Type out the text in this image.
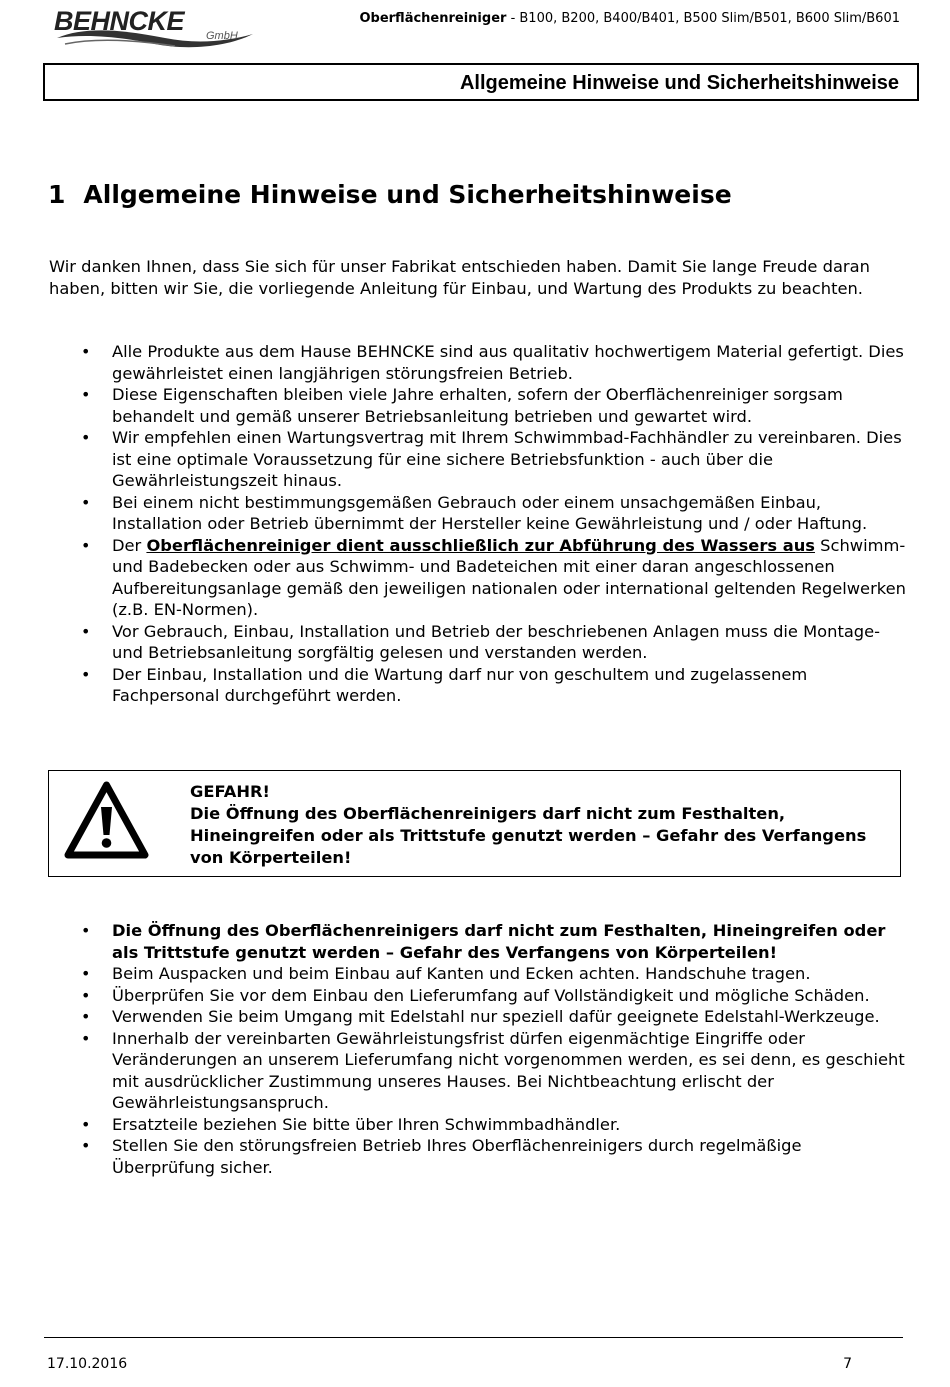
BEHNCKE GmbH
Oberflächenreiniger - B100, B200, B400/B401, B500 Slim/B501, B600 Slim/B601
Allgemeine Hinweise und Sicherheitshinweise
1 Allgemeine Hinweise und Sicherheitshinweise
Wir danken Ihnen, dass Sie sich für unser Fabrikat entschieden haben. Damit Sie lange Freude daran haben, bitten wir Sie, die vorliegende Anleitung für Einbau, und Wartung des Produkts zu beachten.
• Alle Produkte aus dem Hause BEHNCKE sind aus qualitativ hochwertigem Material gefertigt. Dies gewährleistet einen langjährigen störungsfreien Betrieb.
• Diese Eigenschaften bleiben viele Jahre erhalten, sofern der Oberflächenreiniger sorgsam behandelt und gemäß unserer Betriebsanleitung betrieben und gewartet wird.
• Wir empfehlen einen Wartungsvertrag mit Ihrem Schwimmbad-Fachhändler zu vereinbaren. Dies ist eine optimale Voraussetzung für eine sichere Betriebsfunktion - auch über die Gewährleistungszeit hinaus.
• Bei einem nicht bestimmungsgemäßen Gebrauch oder einem unsachgemäßen Einbau, Installation oder Betrieb übernimmt der Hersteller keine Gewährleistung und / oder Haftung.
• Der Oberflächenreiniger dient ausschließlich zur Abführung des Wassers aus Schwimm- und Badebecken oder aus Schwimm- und Badeteichen mit einer daran angeschlossenen Aufbereitungsanlage gemäß den jeweiligen nationalen oder international geltenden Regelwerken (z.B. EN-Normen).
• Vor Gebrauch, Einbau, Installation und Betrieb der beschriebenen Anlagen muss die Montage- und Betriebsanleitung sorgfältig gelesen und verstanden werden.
• Der Einbau, Installation und die Wartung darf nur von geschultem und zugelassenem Fachpersonal durchgeführt werden.
GEFAHR!
Die Öffnung des Oberflächenreinigers darf nicht zum Festhalten, Hineingreifen oder als Trittstufe genutzt werden – Gefahr des Verfangens von Körperteilen!
• Die Öffnung des Oberflächenreinigers darf nicht zum Festhalten, Hineingreifen oder als Trittstufe genutzt werden – Gefahr des Verfangens von Körperteilen!
• Beim Auspacken und beim Einbau auf Kanten und Ecken achten. Handschuhe tragen.
• Überprüfen Sie vor dem Einbau den Lieferumfang auf Vollständigkeit und mögliche Schäden.
• Verwenden Sie beim Umgang mit Edelstahl nur speziell dafür geeignete Edelstahl-Werkzeuge.
• Innerhalb der vereinbarten Gewährleistungsfrist dürfen eigenmächtige Eingriffe oder Veränderungen an unserem Lieferumfang nicht vorgenommen werden, es sei denn, es geschieht mit ausdrücklicher Zustimmung unseres Hauses. Bei Nichtbeachtung erlischt der Gewährleistungsanspruch.
• Ersatzteile beziehen Sie bitte über Ihren Schwimmbadhändler.
• Stellen Sie den störungsfreien Betrieb Ihres Oberflächenreinigers durch regelmäßige Überprüfung sicher.
17.10.2016	7
